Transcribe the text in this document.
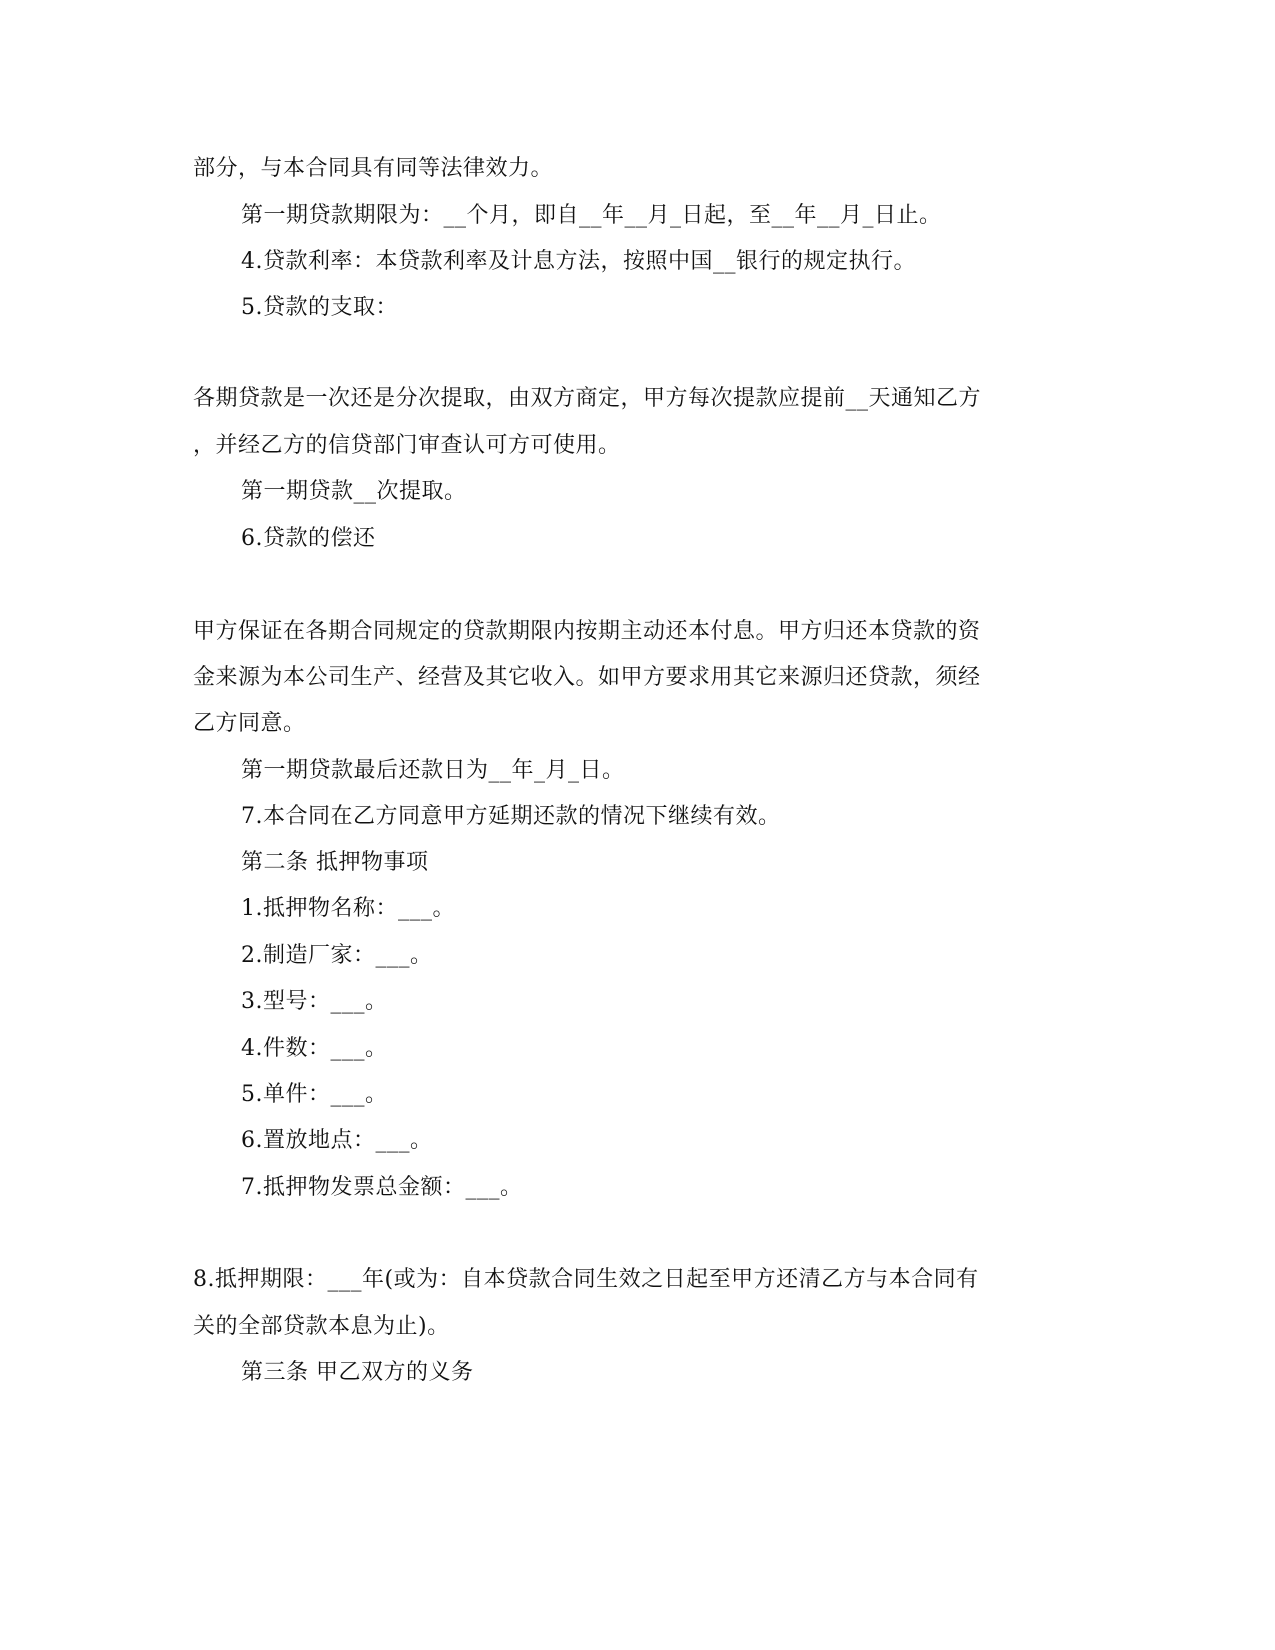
部分，与本合同具有同等法律效力。
第一期贷款期限为：__个月，即自__年__月_日起，至__年__月_日止。
4.贷款利率：本贷款利率及计息方法，按照中国__银行的规定执行。
5.贷款的支取：
各期贷款是一次还是分次提取，由双方商定，甲方每次提款应提前__天通知乙方
，并经乙方的信贷部门审查认可方可使用。
第一期贷款__次提取。
6.贷款的偿还
甲方保证在各期合同规定的贷款期限内按期主动还本付息。甲方归还本贷款的资
金来源为本公司生产、经营及其它收入。如甲方要求用其它来源归还贷款，须经
乙方同意。
第一期贷款最后还款日为__年_月_日。
7.本合同在乙方同意甲方延期还款的情况下继续有效。
第二条 抵押物事项
1.抵押物名称：___。
2.制造厂家：___。
3.型号：___。
4.件数：___。
5.单件：___。
6.置放地点：___。
7.抵押物发票总金额：___。
8.抵押期限：___年(或为：自本贷款合同生效之日起至甲方还清乙方与本合同有
关的全部贷款本息为止)。
第三条 甲乙双方的义务
